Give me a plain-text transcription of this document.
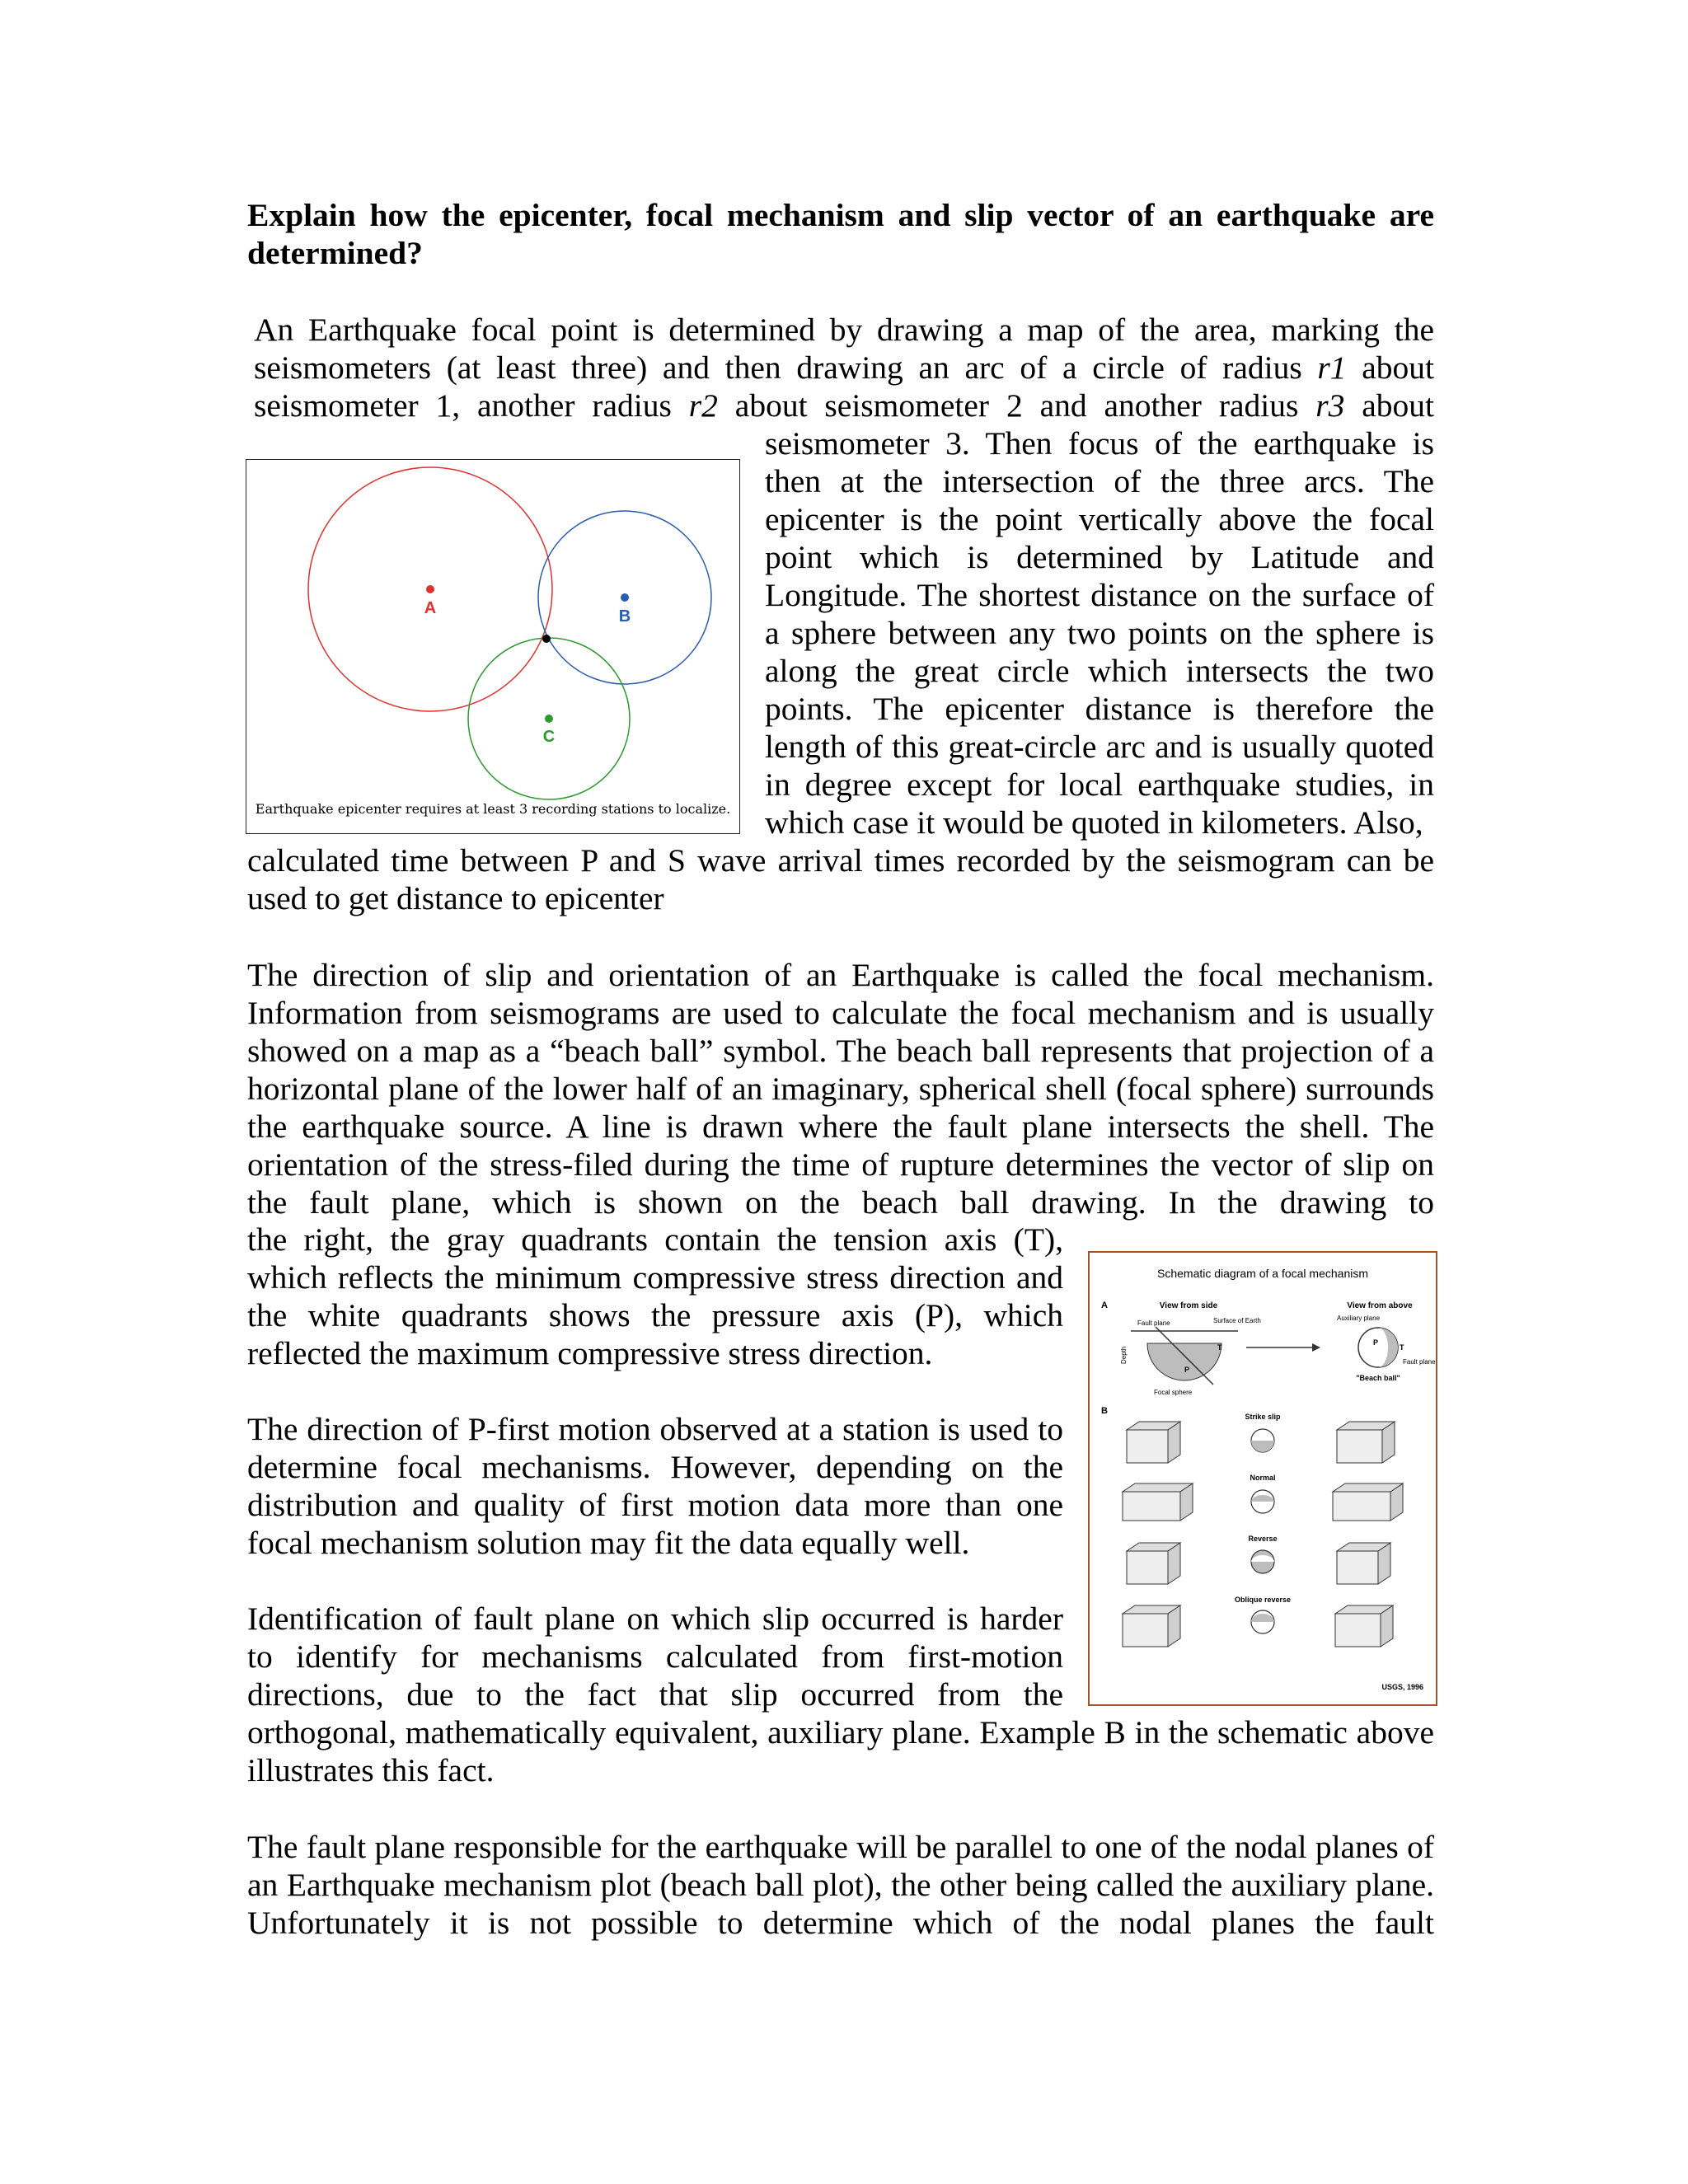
Explain how the epicenter, focal mechanism and slip vector of an earthquake are determined?

An Earthquake focal point is determined by drawing a map of the area, marking the
seismometers (at least three) and then drawing an arc of a circle of radius r1 about
seismometer 1, another radius r2 about seismometer 2 and another radius r3 about

seismometer 3. Then focus of the earthquake is then at the intersection of the three arcs. The epicenter is the point vertically above the focal point which is determined by Latitude and Longitude. The shortest distance on the surface of a sphere between any two points on the sphere is along the great circle which intersects the two points. The epicenter distance is therefore the length of this great-circle arc and is usually quoted in degree except for local earthquake studies, in which case it would be quoted in kilometers. Also,

A	B
C
Earthquake epicenter requires at least 3 recording stations to localize.

calculated time between P and S wave arrival times recorded by the seismogram can be used to get distance to epicenter

The direction of slip and orientation of an Earthquake is called the focal mechanism. Information from seismograms are used to calculate the focal mechanism and is usually showed on a map as a “beach ball” symbol. The beach ball represents that projection of a horizontal plane of the lower half of an imaginary, spherical shell (focal sphere) surrounds the earthquake source. A line is drawn where the fault plane intersects the shell. The orientation of the stress-filed during the time of rupture determines the vector of slip on the fault plane, which is shown on the beach ball drawing. In the drawing to

the right, the gray quadrants contain the tension axis (T), which reflects the minimum compressive stress direction and the white quadrants shows the pressure axis (P), which reflected the maximum compressive stress direction.

The direction of P-first motion observed at a station is used to determine focal mechanisms. However, depending on the distribution and quality of first motion data more than one focal mechanism solution may fit the data equally well.

Identification of fault plane on which slip occurred is harder to identify for mechanisms calculated from first-motion directions, due to the fact that slip occurred from the

orthogonal, mathematically equivalent, auxiliary plane. Example B in the schematic above illustrates this fact.

The fault plane responsible for the earthquake will be parallel to one of the nodal planes of an Earthquake mechanism plot (beach ball plot), the other being called the auxiliary plane. Unfortunately it is not possible to determine which of the nodal planes the fault

Schematic diagram of a focal mechanism
A	View from side	View from above
Surface of Earth
Fault plane
P
T
Focal sphere
Depth
Auxiliary plane
P
T
Fault plane
"Beach ball"
B
Strike slip
Normal
Reverse
Oblique reverse
USGS, 1996
